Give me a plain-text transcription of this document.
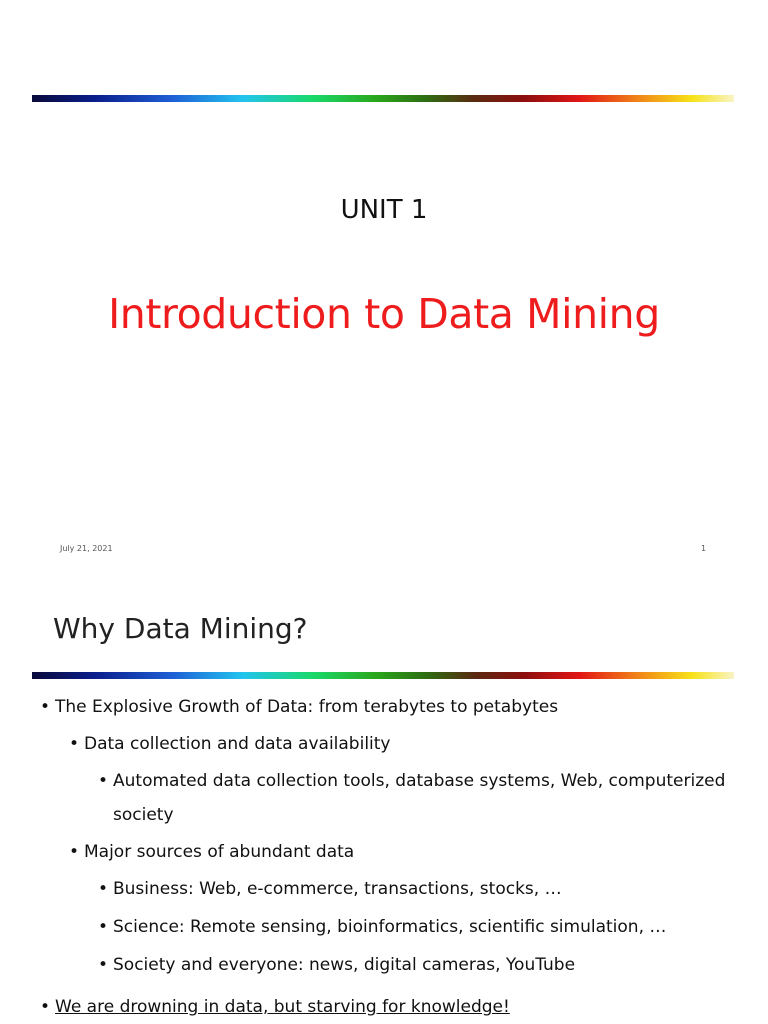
UNIT 1
Introduction to Data Mining
July 21, 2021	1
Why Data Mining?
• The Explosive Growth of Data: from terabytes to petabytes
• Data collection and data availability
• Automated data collection tools, database systems, Web, computerized
society
• Major sources of abundant data
• Business: Web, e-commerce, transactions, stocks, …
• Science: Remote sensing, bioinformatics, scientific simulation, …
• Society and everyone: news, digital cameras, YouTube
• We are drowning in data, but starving for knowledge!
